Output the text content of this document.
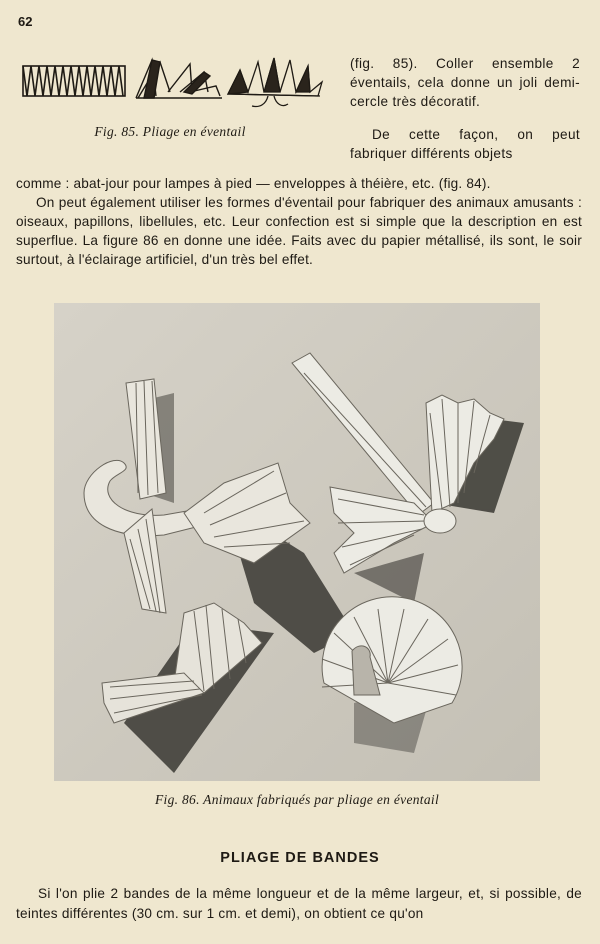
62
Fig. 85. Pliage en éventail

(fig. 85). Coller ensemble 2 éventails, cela donne un joli demi-cercle très décoratif.

De cette façon, on peut fabriquer différents objets

comme : abat-jour pour lampes à pied — enveloppes à théière, etc. (fig. 84).

On peut également utiliser les formes d'éventail pour fabriquer des animaux amusants : oiseaux, papillons, libellules, etc. Leur confection est si simple que la description en est superflue. La figure 86 en donne une idée. Faits avec du papier métallisé, ils sont, le soir surtout, à l'éclairage artificiel, d'un très bel effet.

Fig. 86. Animaux fabriqués par pliage en éventail
PLIAGE DE BANDES

Si l'on plie 2 bandes de la même longueur et de la même largeur, et, si possible, de teintes différentes (30 cm. sur 1 cm. et demi), on obtient ce qu'on
